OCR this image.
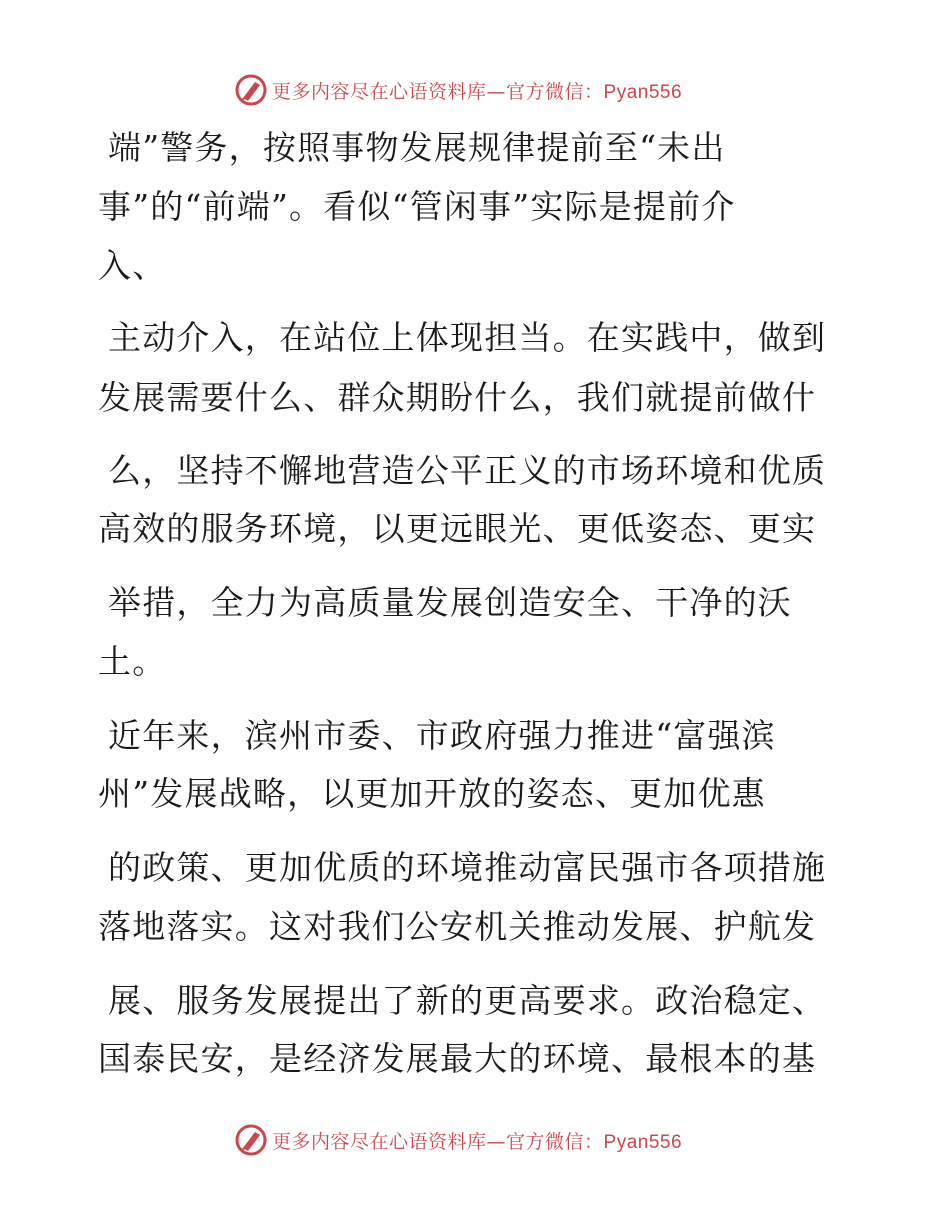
更多内容尽在心语资料库—官方微信：Pyan556
端”警务，按照事物发展规律提前至“未出
事”的“前端”。看似“管闲事”实际是提前介
入、
主动介入，在站位上体现担当。在实践中，做到
发展需要什么、群众期盼什么，我们就提前做什
么，坚持不懈地营造公平正义的市场环境和优质
高效的服务环境，以更远眼光、更低姿态、更实
举措，全力为高质量发展创造安全、干净的沃
土。
近年来，滨州市委、市政府强力推进“富强滨
州”发展战略，以更加开放的姿态、更加优惠
的政策、更加优质的环境推动富民强市各项措施
落地落实。这对我们公安机关推动发展、护航发
展、服务发展提出了新的更高要求。政治稳定、
国泰民安，是经济发展最大的环境、最根本的基
更多内容尽在心语资料库—官方微信：Pyan556
